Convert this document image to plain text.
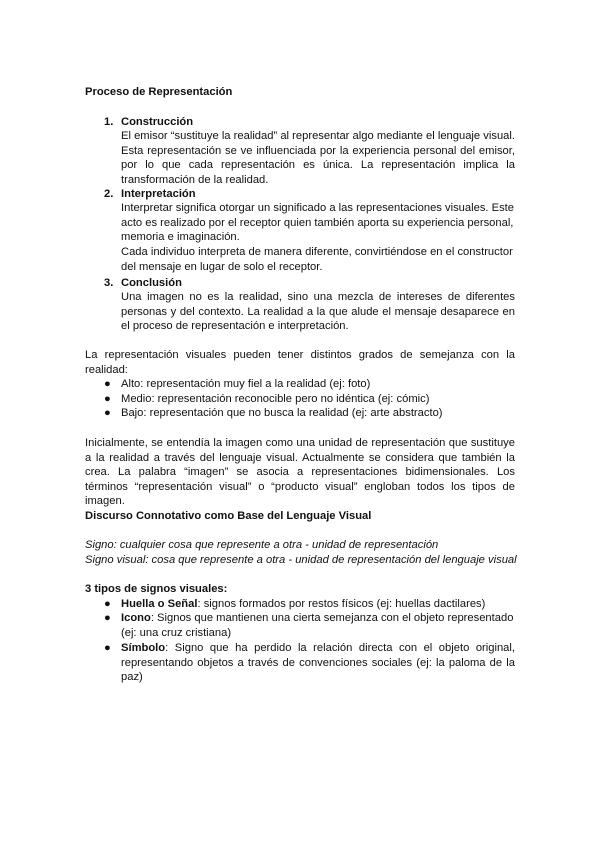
Proceso de Representación
1. Construcción
El emisor “sustituye la realidad” al representar algo mediante el lenguaje visual. Esta representación se ve influenciada por la experiencia personal del emisor, por lo que cada representación es única. La representación implica la transformación de la realidad.
2. Interpretación
Interpretar significa otorgar un significado a las representaciones visuales. Este acto es realizado por el receptor quien también aporta su experiencia personal, memoria e imaginación.
Cada individuo interpreta de manera diferente, convirtiéndose en el constructor del mensaje en lugar de solo el receptor.
3. Conclusión
Una imagen no es la realidad, sino una mezcla de intereses de diferentes personas y del contexto. La realidad a la que alude el mensaje desaparece en el proceso de representación e interpretación.
La representación visuales pueden tener distintos grados de semejanza con la realidad:
● Alto: representación muy fiel a la realidad (ej: foto)
● Medio: representación reconocible pero no idéntica (ej: cómic)
● Bajo: representación que no busca la realidad (ej: arte abstracto)
Inicialmente, se entendía la imagen como una unidad de representación que sustituye a la realidad a través del lenguaje visual. Actualmente se considera que también la crea. La palabra “imagen” se asocia a representaciones bidimensionales. Los términos “representación visual” o “producto visual” engloban todos los tipos de imagen.
Discurso Connotativo como Base del Lenguaje Visual
Signo: cualquier cosa que represente a otra - unidad de representación
Signo visual: cosa que represente a otra - unidad de representación del lenguaje visual
3 tipos de signos visuales:
● Huella o Señal: signos formados por restos físicos (ej: huellas dactilares)
● Icono: Signos que mantienen una cierta semejanza con el objeto representado (ej: una cruz cristiana)
● Símbolo: Signo que ha perdido la relación directa con el objeto original, representando objetos a través de convenciones sociales (ej: la paloma de la paz)
